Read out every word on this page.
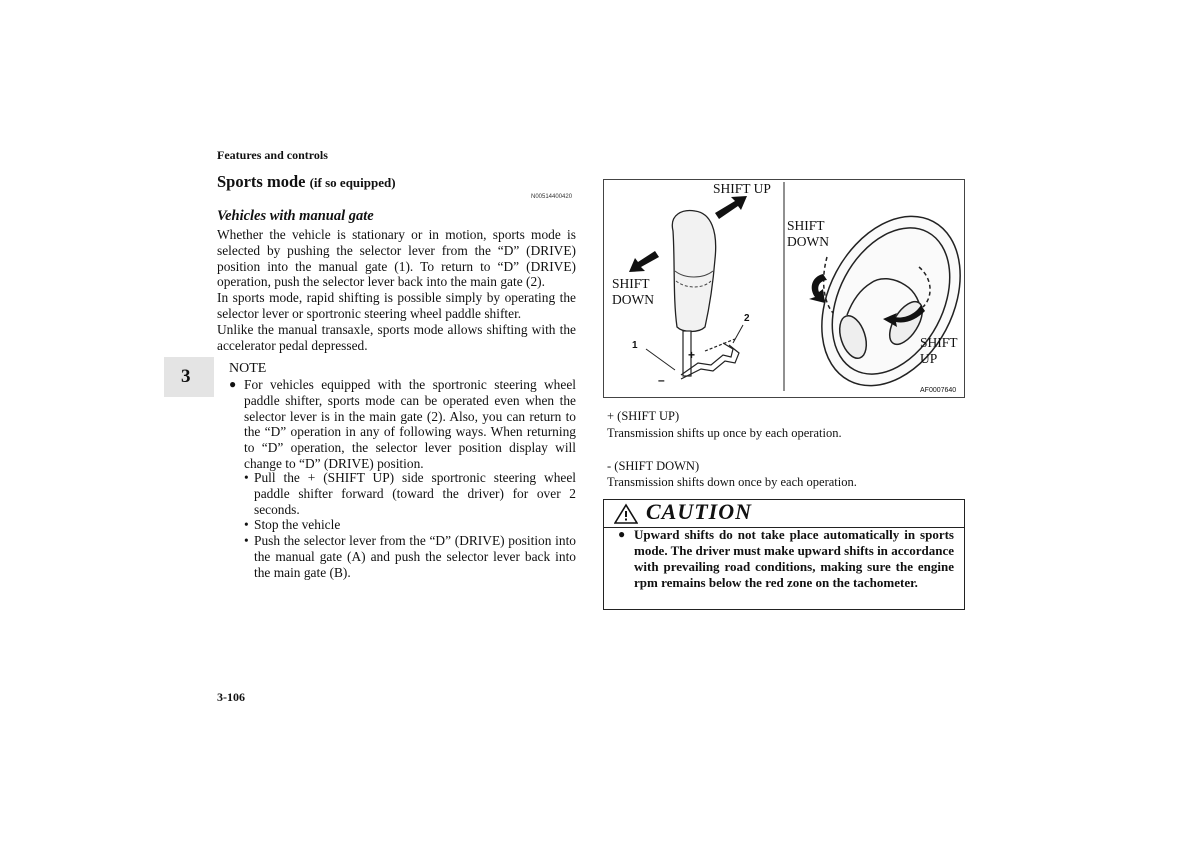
Features and controls
Sports mode (if so equipped)
N00514400420
Vehicles with manual gate

Whether the vehicle is stationary or in motion, sports mode is selected by pushing the selector lever from the “D” (DRIVE) position into the manual gate (1). To return to “D” (DRIVE) operation, push the selector lever back into the main gate (2).

In sports mode, rapid shifting is possible simply by operating the selector lever or sportronic steering wheel paddle shifter.

Unlike the manual transaxle, sports mode allows shifting with the accelerator pedal depressed.

3	NOTE
● For vehicles equipped with the sportronic steering wheel paddle shifter, sports mode can be operated even when the selector lever is in the main gate (2). Also, you can return to the “D” operation in any of following ways. When returning to “D” operation, the selector lever position display will change to “D” (DRIVE) position.

• Pull the + (SHIFT UP) side sportronic steering wheel paddle shifter forward (toward the driver) for over 2 seconds.
• Stop the vehicle
• Push the selector lever from the “D” (DRIVE) position into the manual gate (A) and push the selector lever back into the main gate (B).
SHIFT UP
SHIFT
DOWN
SHIFT
DOWN
SHIFT
UP
1
2
+
–
AF0007640
+ (SHIFT UP)
Transmission shifts up once by each operation.
- (SHIFT DOWN)
Transmission shifts down once by each operation.
CAUTION
● Upward shifts do not take place automatically in sports mode. The driver must make upward shifts in accordance with prevailing road conditions, making sure the engine rpm remains below the red zone on the tachometer.
3-106
